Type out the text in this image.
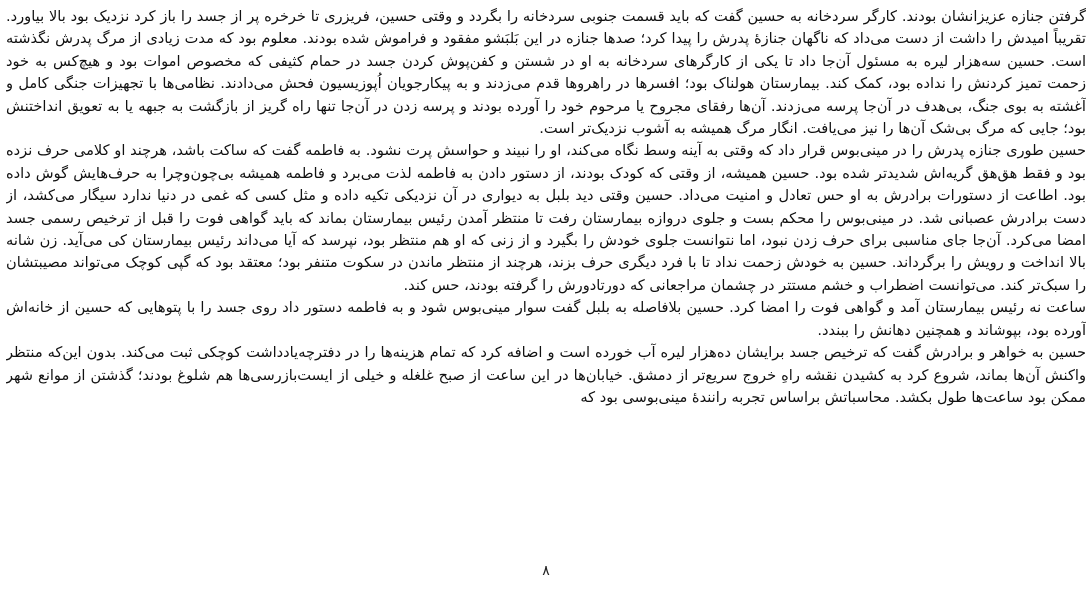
گرفتن جنازه عزیزانشان بودند. کارگر سردخانه به حسین گفت که باید قسمت جنوبی سردخانه را بگردد و وقتی حسین، فریزری تا خرخره پر از جسد را باز کرد نزدیک بود بالا بیاورد. تقریباً امیدش را داشت از دست می‌داد که ناگهان جنازهٔ پدرش را پیدا کرد؛ صدها جنازه در این بَلبَشو مفقود و فراموش شده بودند. معلوم بود که مدت زیادی از مرگ پدرش نگذشته است. حسین سه‌هزار لیره به مسئول آن‌جا داد تا یکی از کارگرهای سردخانه به او در شستن و کفن‌پوش کردن جسد در حمام کثیفی که مخصوص اموات بود و هیچ‌کس به خود زحمت تمیز کردنش را نداده بود، کمک کند. بیمارستان هولناک بود؛ افسرها در راهروها قدم می‌زدند و به پیکارجویان اُپوزیسیون فحش می‌دادند. نظامی‌ها با تجهیزات جنگی کامل و آغشته به بوی جنگ، بی‌هدف در آن‌جا پرسه می‌زدند. آن‌ها رفقای مجروح یا مرحوم خود را آورده بودند و پرسه زدن در آن‌جا تنها راه گریز از بازگشت به جبهه یا به تعویق انداختنش بود؛ جایی که مرگ بی‌شک آن‌ها را نیز می‌یافت. انگار مرگ همیشه به آشوب نزدیک‌تر است.

حسین طوری جنازه پدرش را در مینی‌بوس قرار داد که وقتی به آینه وسط نگاه می‌کند، او را نبیند و حواسش پرت نشود. به فاطمه گفت که ساکت باشد، هرچند او کلامی حرف نزده بود و فقط هق‌هق گریه‌اش شدیدتر شده بود. حسین همیشه، از وقتی که کودک بودند، از دستور دادن به فاطمه لذت می‌برد و فاطمه همیشه بی‌چون‌وچرا به حرف‌هایش گوش داده بود. اطاعت از دستورات برادرش به او حس تعادل و امنیت می‌داد. حسین وقتی دید بلبل به دیواری در آن نزدیکی تکیه داده و مثل کسی که غمی در دنیا ندارد سیگار می‌کشد، از دست برادرش عصبانی شد. در مینی‌بوس را محکم بست و جلوی دروازه بیمارستان رفت تا منتظر آمدن رئیس بیمارستان بماند که باید گواهی فوت را قبل از ترخیص رسمی جسد امضا می‌کرد. آن‌جا جای مناسبی برای حرف زدن نبود، اما نتوانست جلوی خودش را بگیرد و از زنی که او هم منتظر بود، نپرسد که آیا می‌داند رئیس بیمارستان کی می‌آید. زن شانه بالا انداخت و رویش را برگرداند. حسین به خودش زحمت نداد تا با فرد دیگری حرف بزند، هرچند از منتظر ماندن در سکوت متنفر بود؛ معتقد بود که گپی کوچک می‌تواند مصیبتشان را سبک‌تر کند. می‌توانست اضطراب و خشم مستتر در چشمان مراجعانی که دورتادورش را گرفته بودند، حس کند.

ساعت نه رئیس بیمارستان آمد و گواهی فوت را امضا کرد. حسین بلافاصله به بلبل گفت سوار مینی‌بوس شود و به فاطمه دستور داد روی جسد را با پتوهایی که حسین از خانه‌اش آورده بود، بپوشاند و همچنین دهانش را ببندد.

حسین به خواهر و برادرش گفت که ترخیص جسد برایشان ده‌هزار لیره آب خورده است و اضافه کرد که تمام هزینه‌ها را در دفترچه‌یادداشت کوچکی ثبت می‌کند. بدون این‌که منتظر واکنش آن‌ها بماند، شروع کرد به کشیدن نقشه راهِ خروج سریع‌تر از دمشق. خیابان‌ها در این ساعت از صبح غلغله و خیلی از ایست‌بازرسی‌ها هم شلوغ بودند؛ گذشتن از موانع شهر ممکن بود ساعت‌ها طول بکشد. محاسباتش براساس تجربه رانندهٔ مینی‌بوسی بود که

۸
